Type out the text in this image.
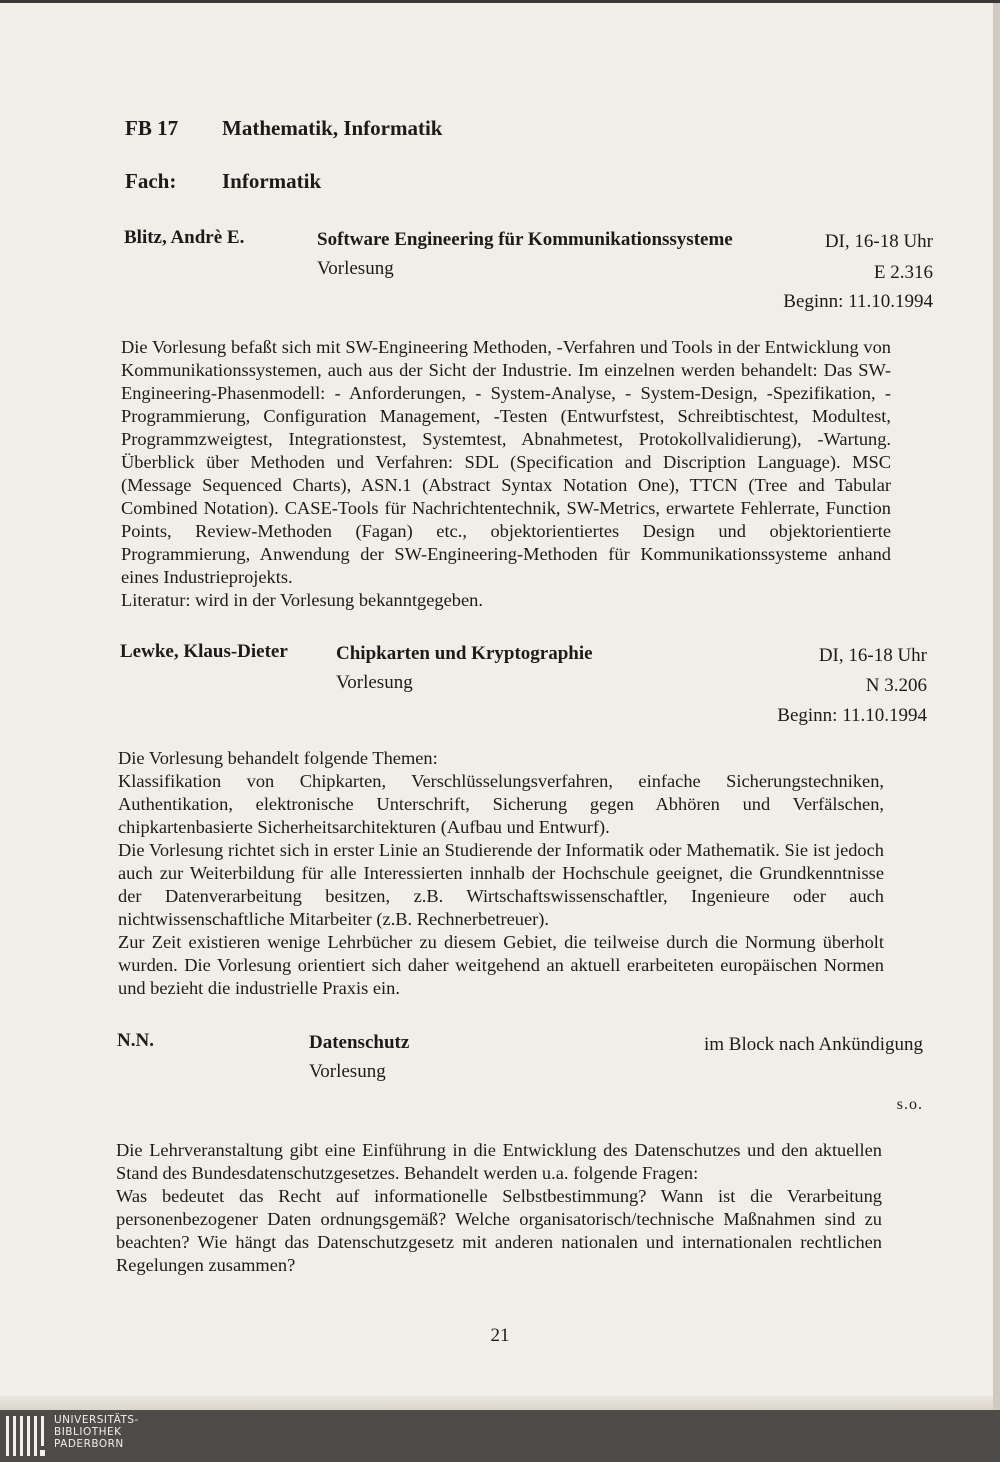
FB 17 Mathematik, Informatik
Fach: Informatik
Blitz, Andrè E.	Software Engineering für Kommunikationssysteme	DI, 16-18 Uhr
Vorlesung	E 2.316
Beginn: 11.10.1994

Die Vorlesung befaßt sich mit SW-Engineering Methoden, -Verfahren und Tools in der Entwicklung von Kommunikationssystemen, auch aus der Sicht der Industrie. Im einzelnen werden behandelt: Das SW-Engineering-Phasenmodell: - Anforderungen, - System-Analyse, - System-Design, -Spezifikation, -Programmierung, Configuration Management, -Testen (Entwurfstest, Schreibtischtest, Modultest, Programmzweigtest, Integrationstest, Systemtest, Abnahmetest, Protokollvalidierung), -Wartung. Überblick über Methoden und Verfahren: SDL (Specification and Discription Language). MSC (Message Sequenced Charts), ASN.1 (Abstract Syntax Notation One), TTCN (Tree and Tabular Combined Notation). CASE-Tools für Nachrichtentechnik, SW-Metrics, erwartete Fehlerrate, Function Points, Review-Methoden (Fagan) etc., objektorientiertes Design und objektorientierte Programmierung, Anwendung der SW-Engineering-Methoden für Kommunikationssysteme anhand eines Industrieprojekts.

Literatur: wird in der Vorlesung bekanntgegeben.

Lewke, Klaus-Dieter	Chipkarten und Kryptographie	DI, 16-18 Uhr
Vorlesung	N 3.206
Beginn: 11.10.1994

Die Vorlesung behandelt folgende Themen:

Klassifikation von Chipkarten, Verschlüsselungsverfahren, einfache Sicherungstechniken, Authentikation, elektronische Unterschrift, Sicherung gegen Abhören und Verfälschen, chipkartenbasierte Sicherheitsarchitekturen (Aufbau und Entwurf).

Die Vorlesung richtet sich in erster Linie an Studierende der Informatik oder Mathematik. Sie ist jedoch auch zur Weiterbildung für alle Interessierten innhalb der Hochschule geeignet, die Grundkenntnisse der Datenverarbeitung besitzen, z.B. Wirtschaftswissenschaftler, Ingenieure oder auch nichtwissenschaftliche Mitarbeiter (z.B. Rechnerbetreuer).

Zur Zeit existieren wenige Lehrbücher zu diesem Gebiet, die teilweise durch die Normung überholt wurden. Die Vorlesung orientiert sich daher weitgehend an aktuell erarbeiteten europäischen Normen und bezieht die industrielle Praxis ein.

N.N.	Datenschutz	im Block nach Ankündigung
Vorlesung
s.o.

Die Lehrveranstaltung gibt eine Einführung in die Entwicklung des Datenschutzes und den aktuellen Stand des Bundesdatenschutzgesetzes. Behandelt werden u.a. folgende Fragen:

Was bedeutet das Recht auf informationelle Selbstbestimmung? Wann ist die Verarbeitung personenbezogener Daten ordnungsgemäß? Welche organisatorisch/technische Maßnahmen sind zu beachten? Wie hängt das Datenschutzgesetz mit anderen nationalen und internationalen rechtlichen Regelungen zusammen?

21
UNIVERSITÄTS-
BIBLIOTHEK
PADERBORN
